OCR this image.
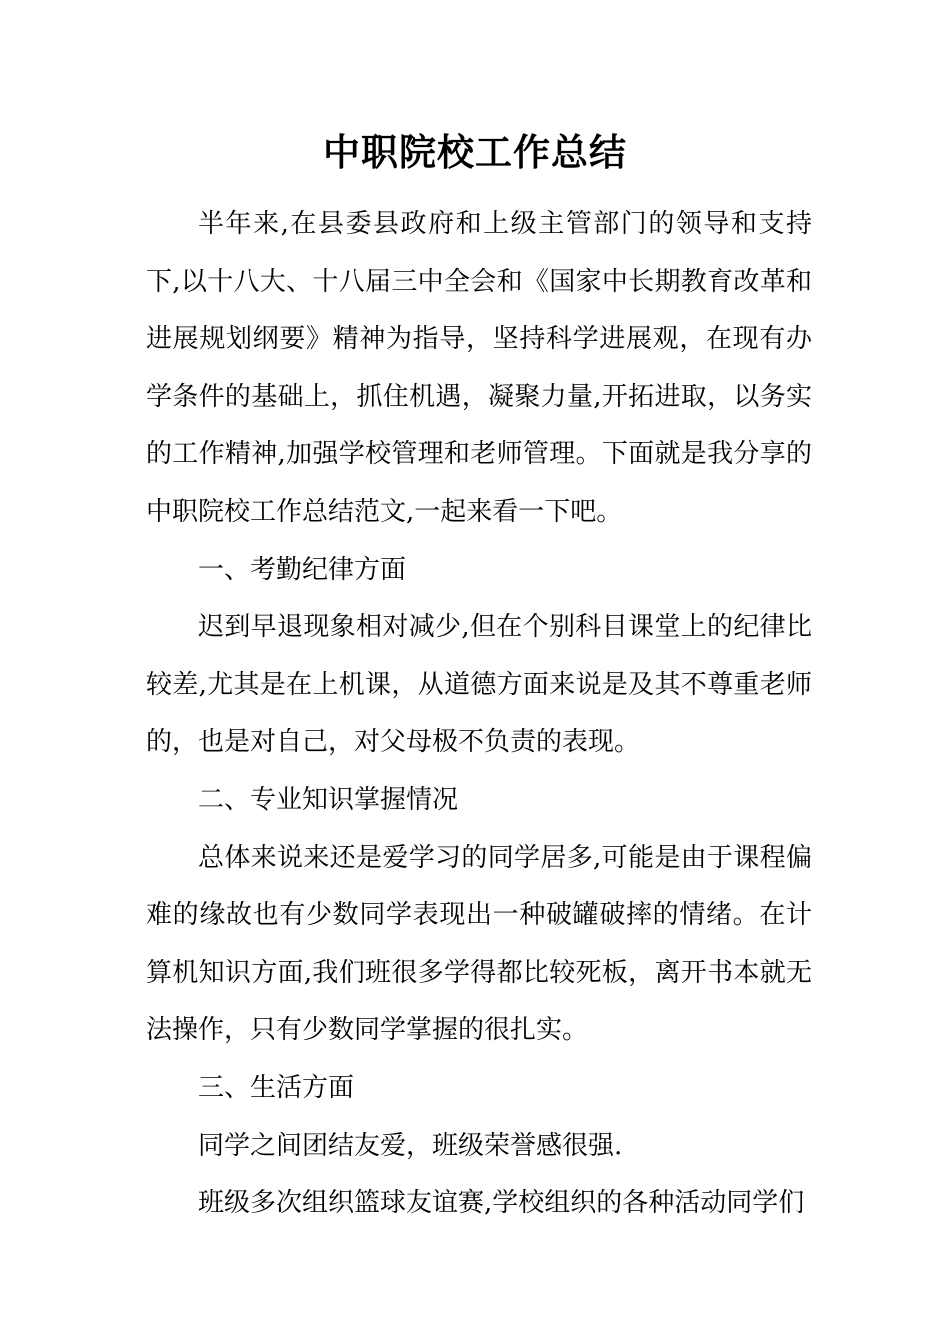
中职院校工作总结

半年来,在县委县政府和上级主管部门的领导和支持下,以十八大、十八届三中全会和《国家中长期教育改革和进展规划纲要》精神为指导，坚持科学进展观，在现有办学条件的基础上，抓住机遇，凝聚力量,开拓进取，以务实的工作精神,加强学校管理和老师管理。下面就是我分享的中职院校工作总结范文,一起来看一下吧。

一、考勤纪律方面

迟到早退现象相对减少,但在个别科目课堂上的纪律比较差,尤其是在上机课，从道德方面来说是及其不尊重老师的，也是对自己，对父母极不负责的表现。

二、专业知识掌握情况

总体来说来还是爱学习的同学居多,可能是由于课程偏难的缘故也有少数同学表现出一种破罐破摔的情绪。在计算机知识方面,我们班很多学得都比较死板，离开书本就无法操作，只有少数同学掌握的很扎实。

三、生活方面

同学之间团结友爱，班级荣誉感很强.

班级多次组织篮球友谊赛,学校组织的各种活动同学们
